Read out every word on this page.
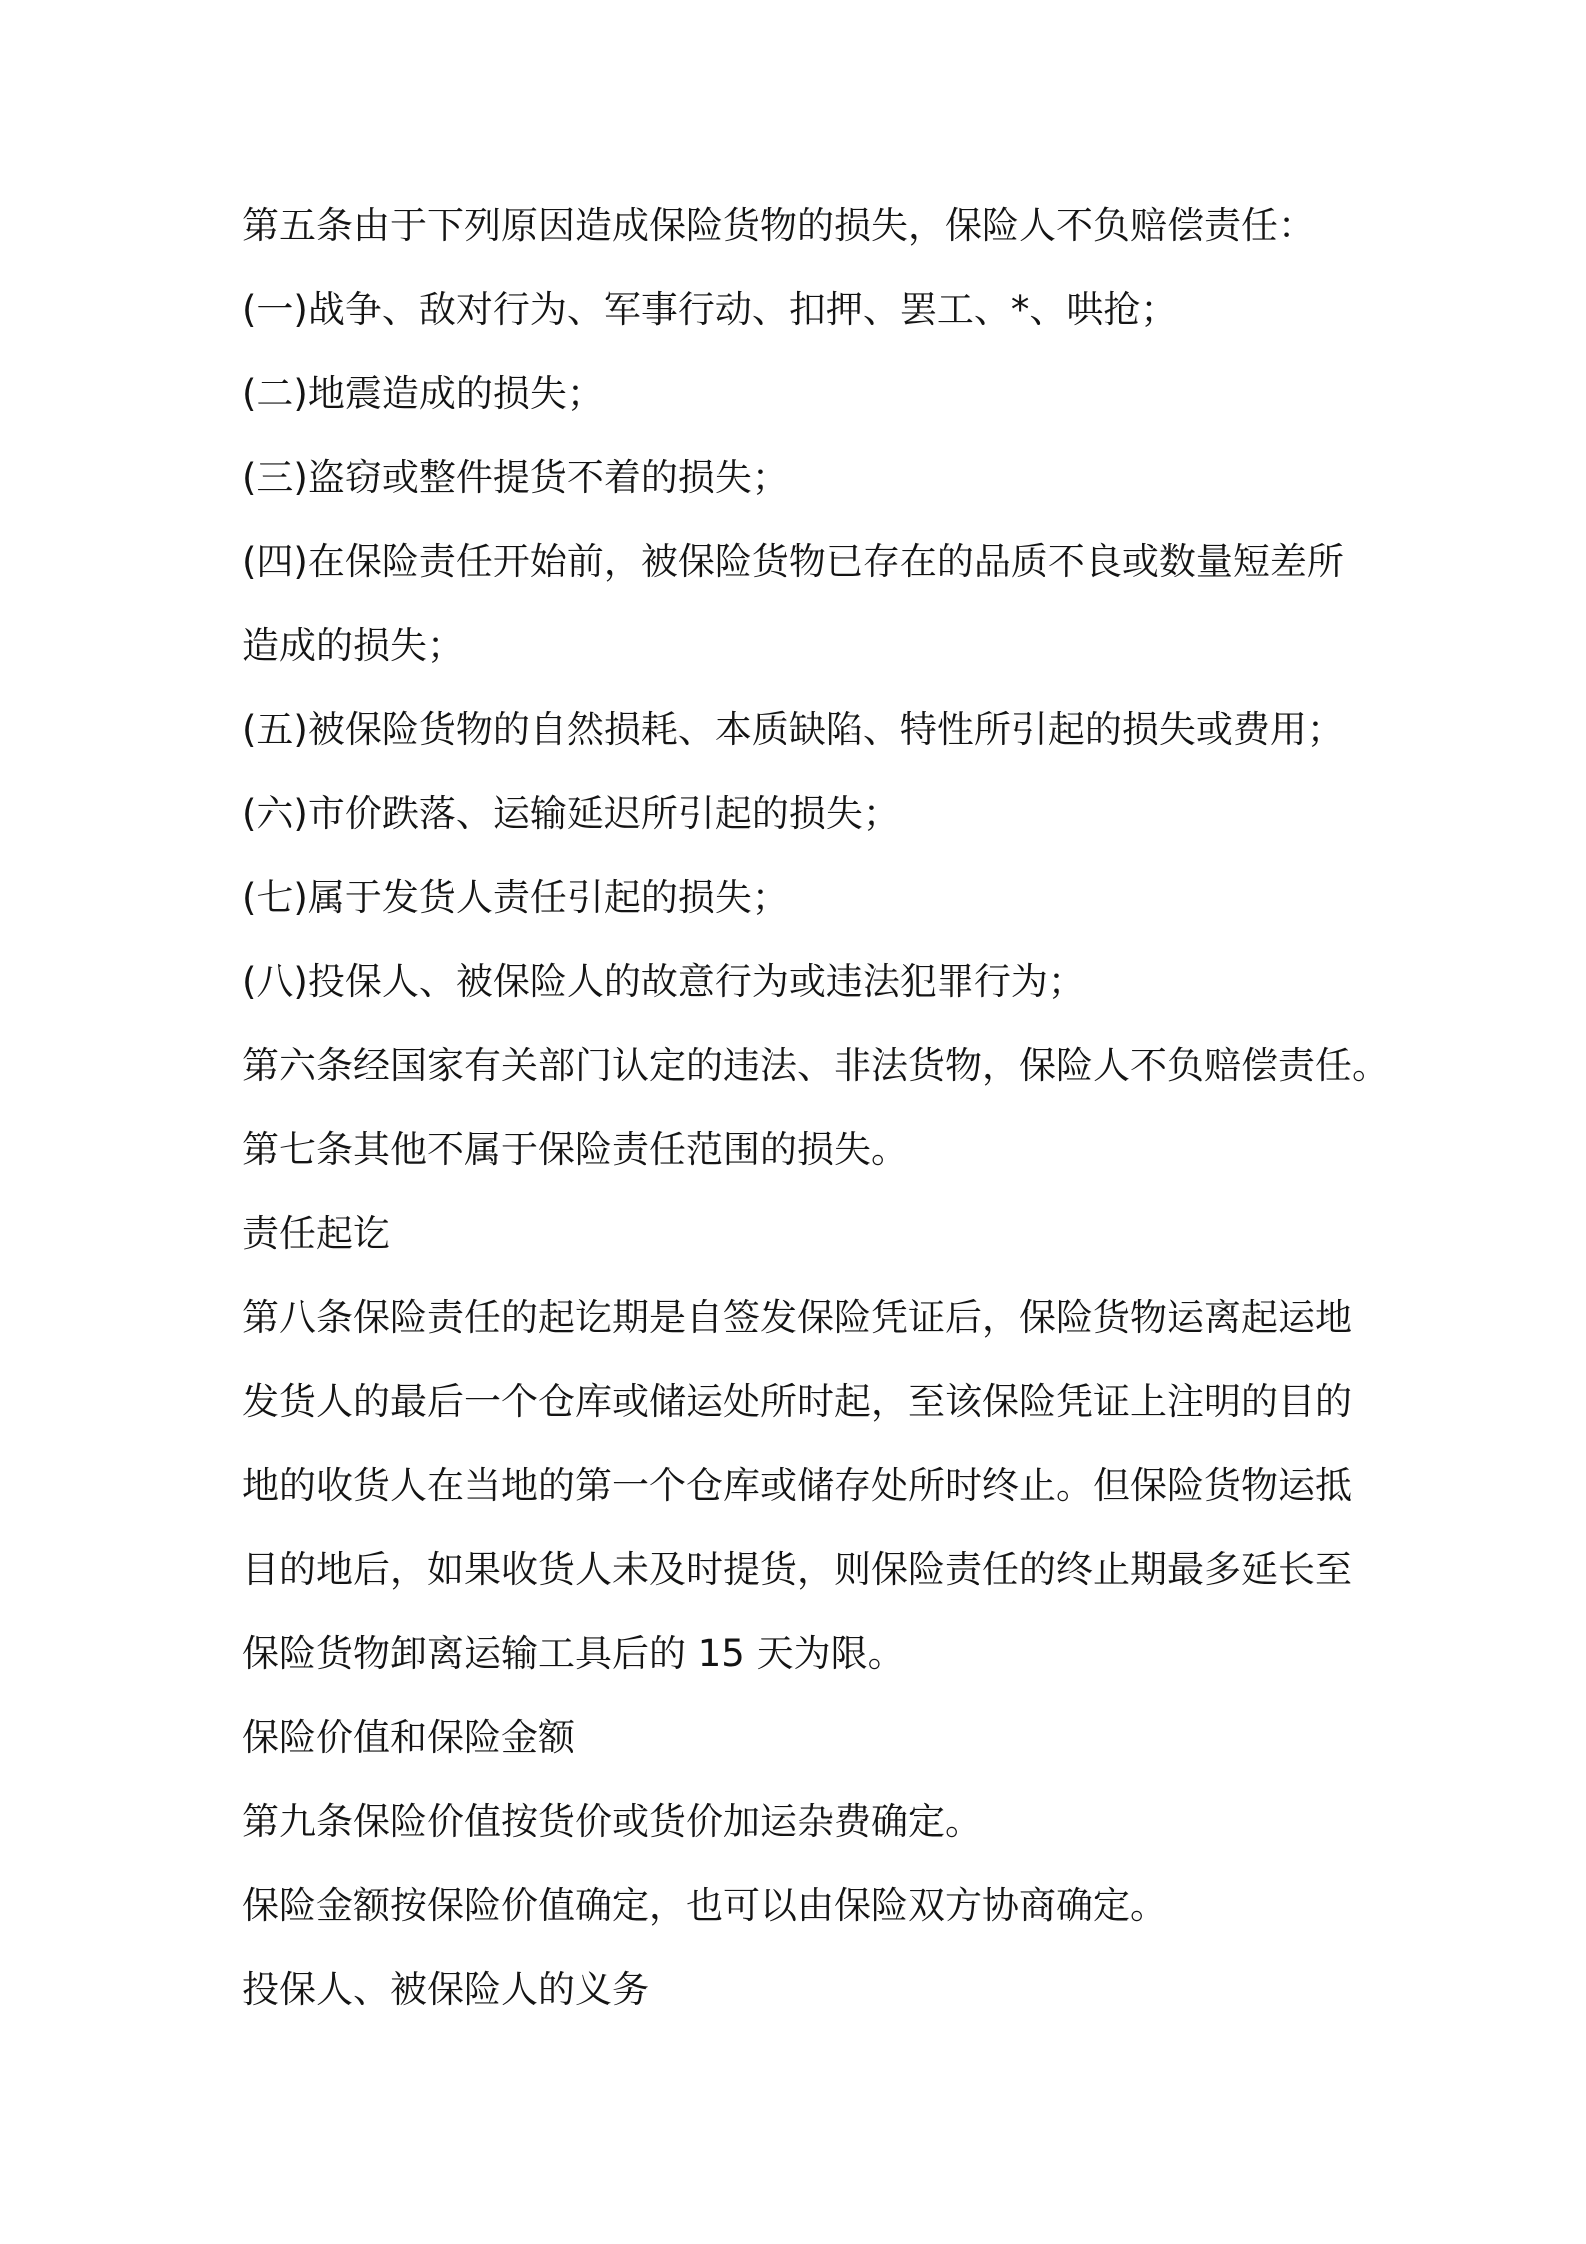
第五条由于下列原因造成保险货物的损失，保险人不负赔偿责任：
(一)战争、敌对行为、军事行动、扣押、罢工、*、哄抢；
(二)地震造成的损失；
(三)盗窃或整件提货不着的损失；
(四)在保险责任开始前，被保险货物已存在的品质不良或数量短差所
造成的损失；
(五)被保险货物的自然损耗、本质缺陷、特性所引起的损失或费用；
(六)市价跌落、运输延迟所引起的损失；
(七)属于发货人责任引起的损失；
(八)投保人、被保险人的故意行为或违法犯罪行为；
第六条经国家有关部门认定的违法、非法货物，保险人不负赔偿责任。
第七条其他不属于保险责任范围的损失。
责任起讫
第八条保险责任的起讫期是自签发保险凭证后，保险货物运离起运地
发货人的最后一个仓库或储运处所时起，至该保险凭证上注明的目的
地的收货人在当地的第一个仓库或储存处所时终止。但保险货物运抵
目的地后，如果收货人未及时提货，则保险责任的终止期最多延长至
保险货物卸离运输工具后的 15 天为限。
保险价值和保险金额
第九条保险价值按货价或货价加运杂费确定。
保险金额按保险价值确定，也可以由保险双方协商确定。
投保人、被保险人的义务
